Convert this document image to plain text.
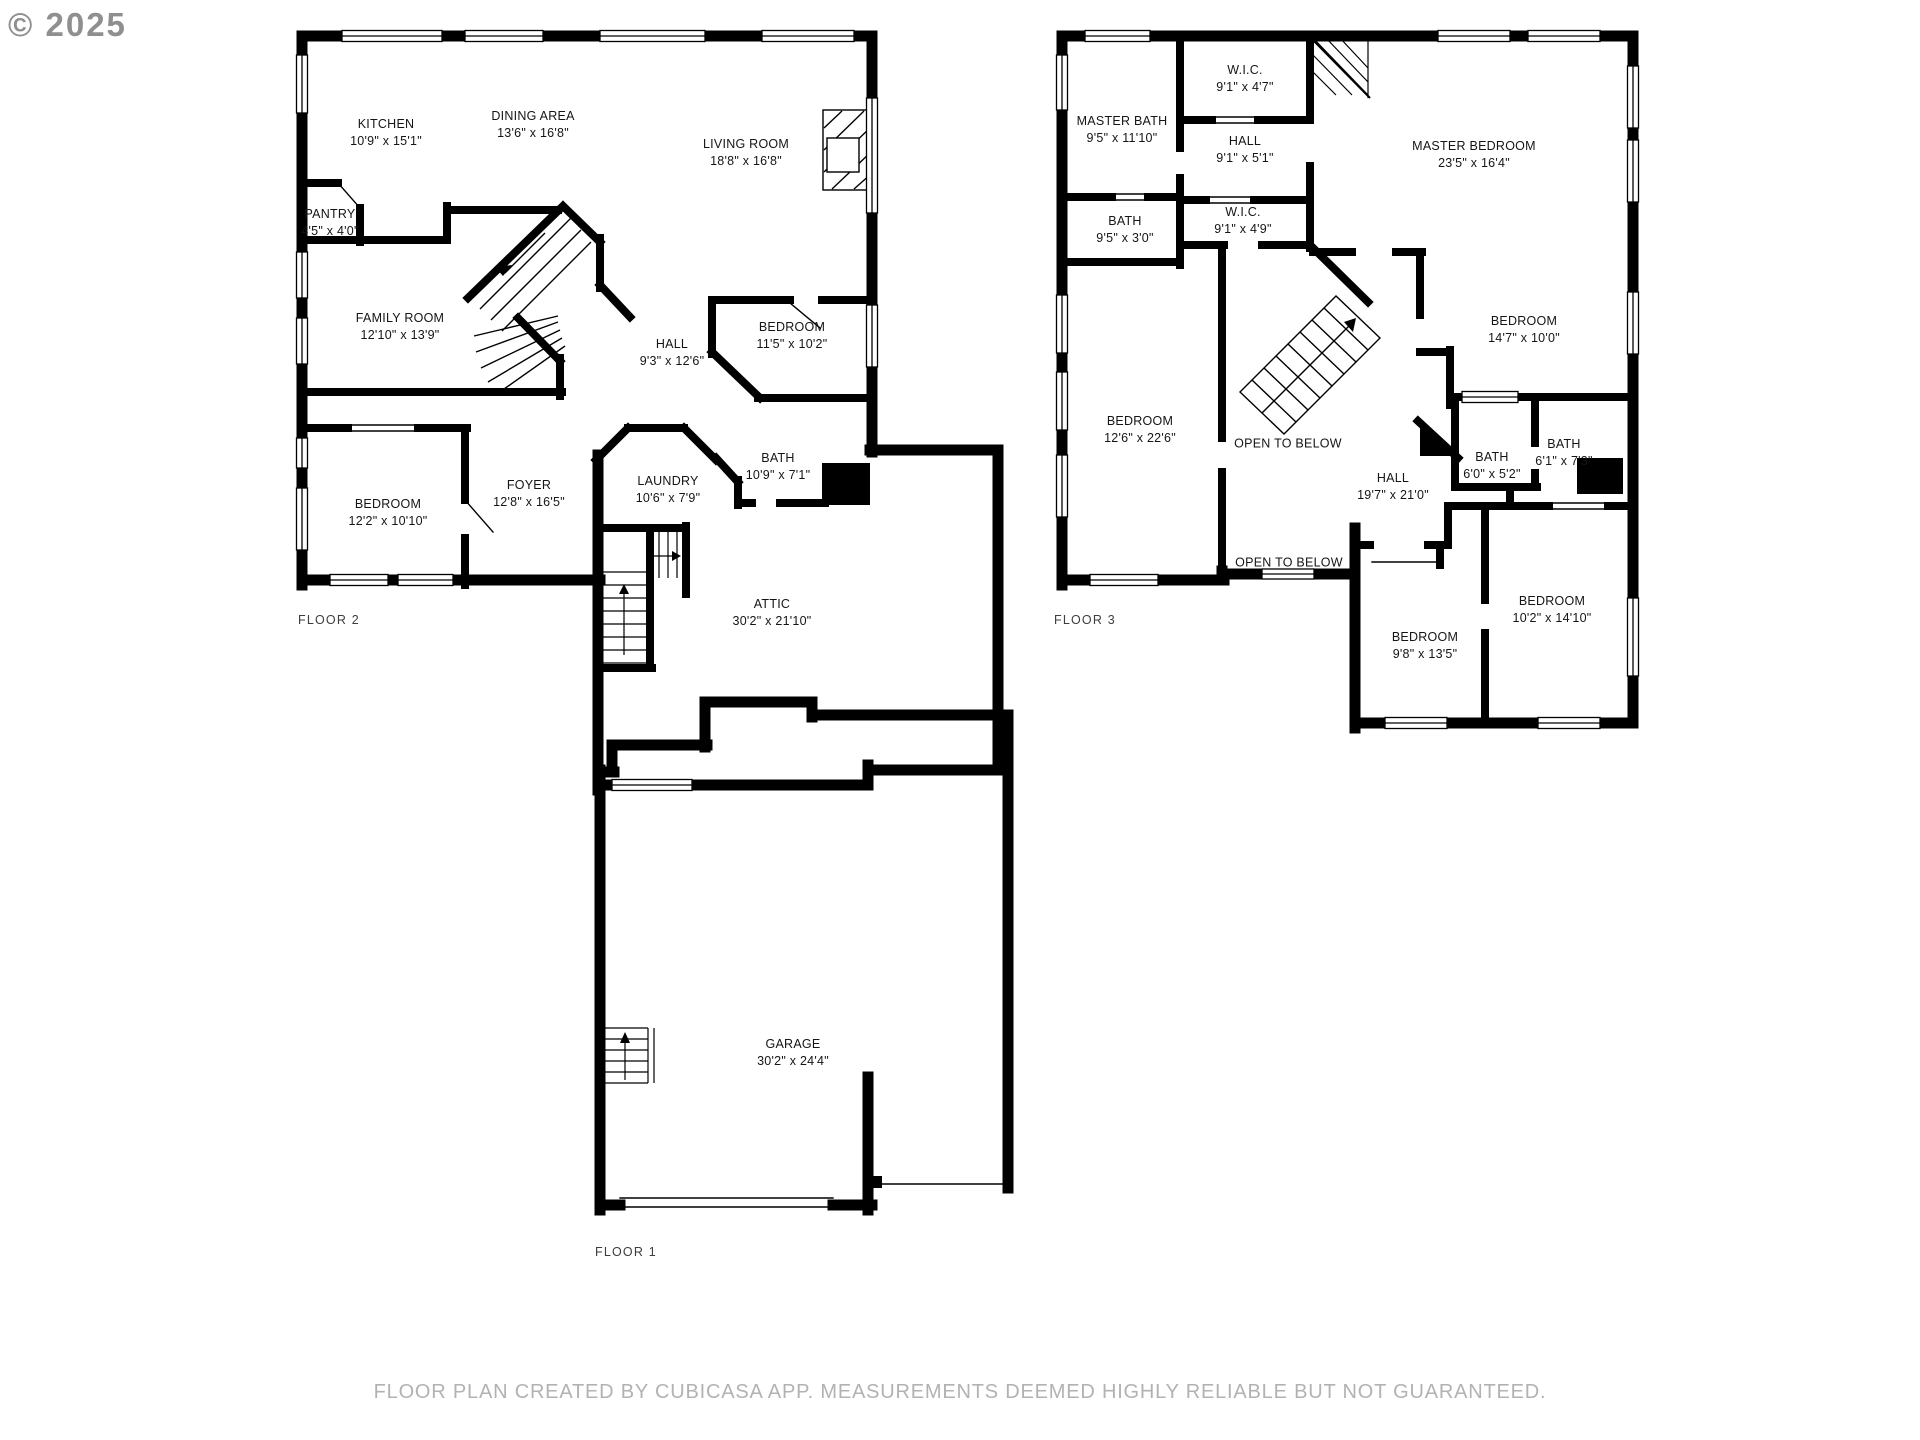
© 2025
KITCHEN
10'9" x 15'1"
DINING AREA
13'6" x 16'8"
LIVING ROOM
18'8" x 16'8"
PANTRY
4'5" x 4'0"
FAMILY ROOM
12'10" x 13'9"
HALL
9'3" x 12'6"
BEDROOM
11'5" x 10'2"
BEDROOM
12'2" x 10'10"
FOYER
12'8" x 16'5"
LAUNDRY
10'6" x 7'9"
BATH
10'9" x 7'1"
ATTIC
30'2" x 21'10"
MASTER BATH
9'5" x 11'10"
W.I.C.
9'1" x 4'7"
HALL
9'1" x 5'1"
MASTER BEDROOM
23'5" x 16'4"
BATH
9'5" x 3'0"
W.I.C.
9'1" x 4'9"
BEDROOM
12'6" x 22'6"	OPEN TO BELOW
BEDROOM
14'7" x 10'0"
HALL
19'7" x 21'0"
BATH
6'0" x 5'2"
BATH
6'1" x 7'3"
OPEN TO BELOW
BEDROOM
9'8" x 13'5"
BEDROOM
10'2" x 14'10"
GARAGE
30'2" x 24'4"
FLOOR 2	FLOOR 3
FLOOR 1
FLOOR PLAN CREATED BY CUBICASA APP. MEASUREMENTS DEEMED HIGHLY RELIABLE BUT NOT GUARANTEED.
